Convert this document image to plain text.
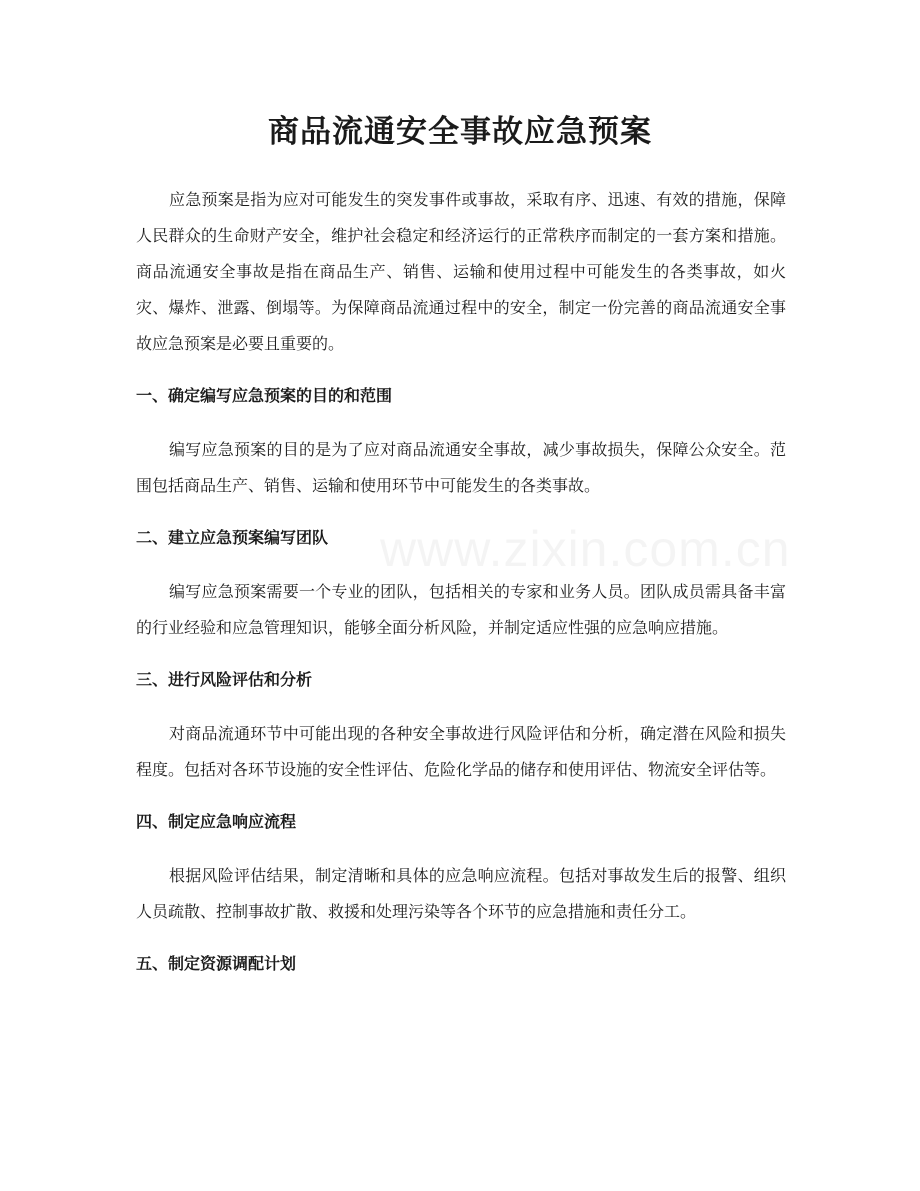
商品流通安全事故应急预案

应急预案是指为应对可能发生的突发事件或事故，采取有序、迅速、有效的措施，保障人民群众的生命财产安全，维护社会稳定和经济运行的正常秩序而制定的一套方案和措施。商品流通安全事故是指在商品生产、销售、运输和使用过程中可能发生的各类事故，如火灾、爆炸、泄露、倒塌等。为保障商品流通过程中的安全，制定一份完善的商品流通安全事故应急预案是必要且重要的。

一、确定编写应急预案的目的和范围

编写应急预案的目的是为了应对商品流通安全事故，减少事故损失，保障公众安全。范围包括商品生产、销售、运输和使用环节中可能发生的各类事故。

二、建立应急预案编写团队

编写应急预案需要一个专业的团队，包括相关的专家和业务人员。团队成员需具备丰富的行业经验和应急管理知识，能够全面分析风险，并制定适应性强的应急响应措施。

三、进行风险评估和分析

对商品流通环节中可能出现的各种安全事故进行风险评估和分析，确定潜在风险和损失程度。包括对各环节设施的安全性评估、危险化学品的储存和使用评估、物流安全评估等。

四、制定应急响应流程

根据风险评估结果，制定清晰和具体的应急响应流程。包括对事故发生后的报警、组织人员疏散、控制事故扩散、救援和处理污染等各个环节的应急措施和责任分工。

五、制定资源调配计划
